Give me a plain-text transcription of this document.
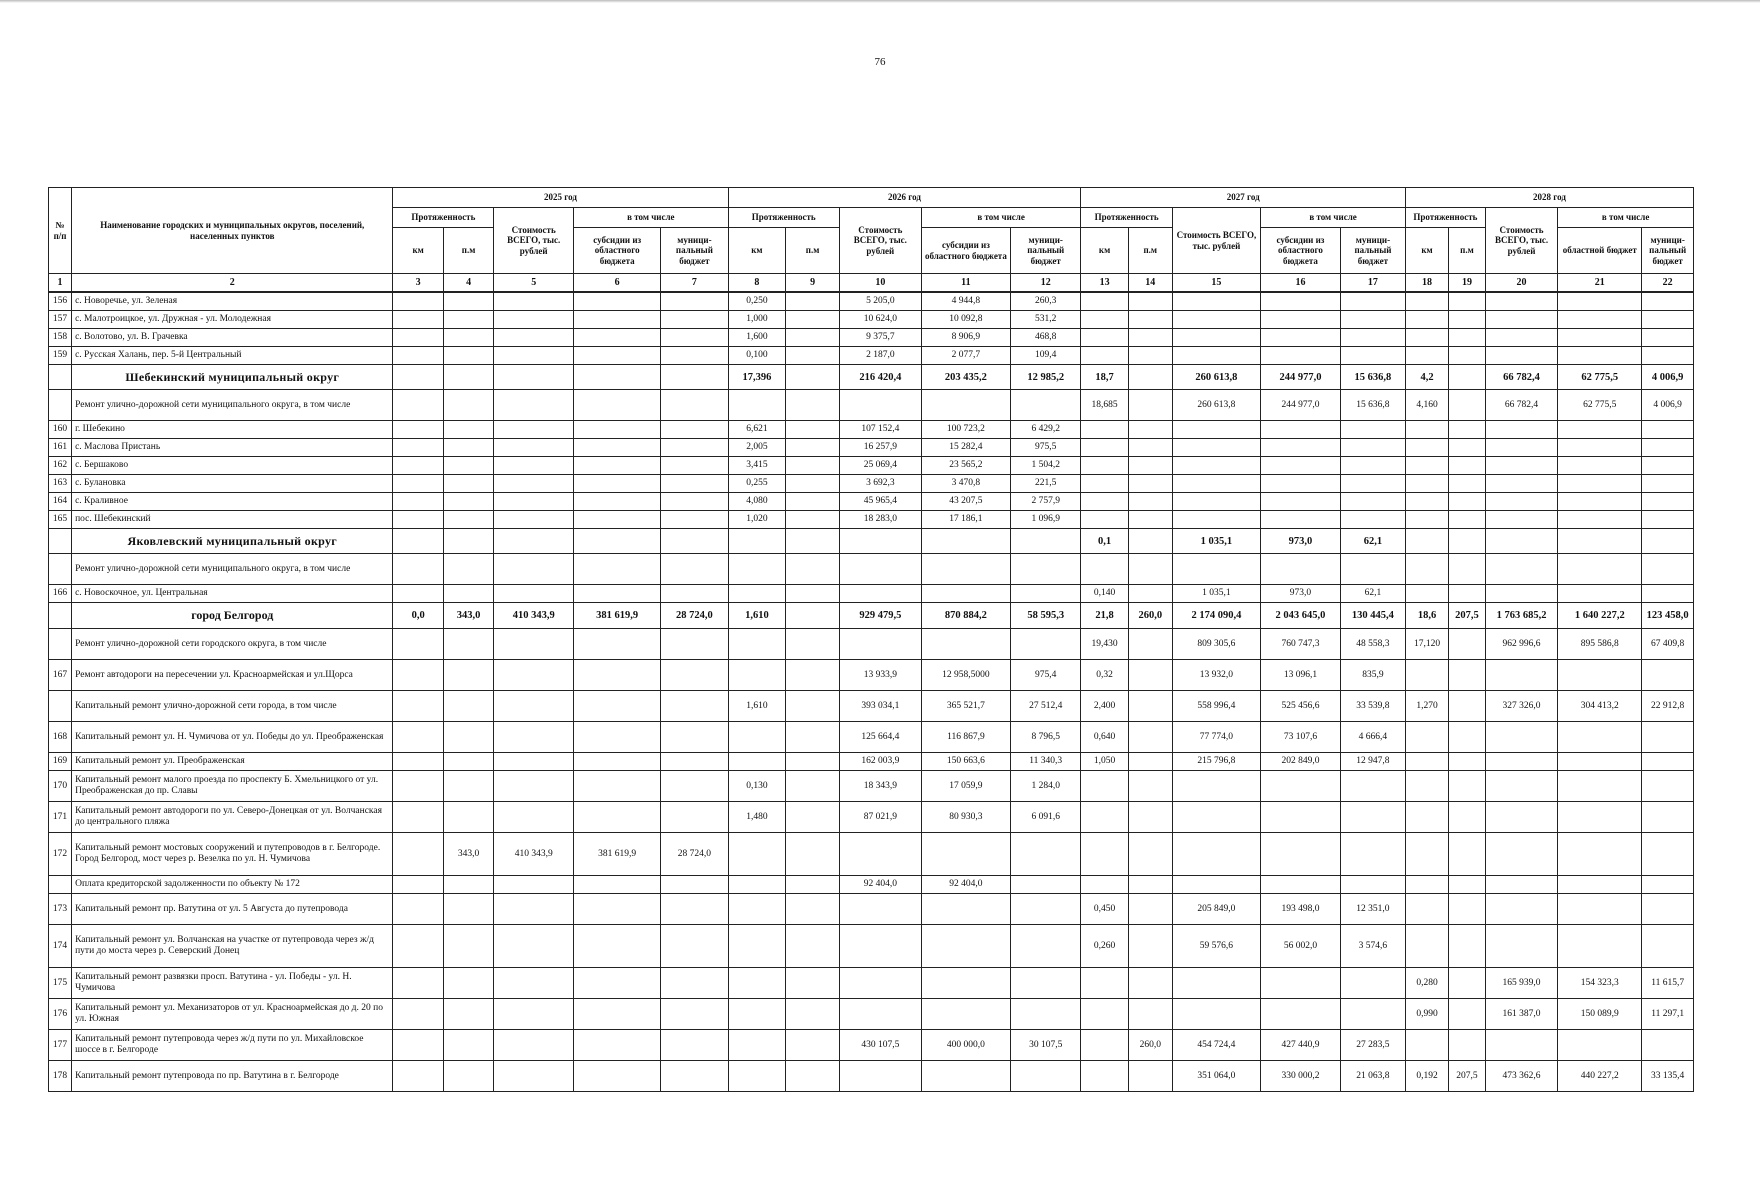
76
№ п/п	Наименование городских и муниципальных округов, поселений, населенных пунктов	2025 год					2026 год					2027 год					2028 год				
		Протяженность		Стоимость ВСЕГО, тыс. рублей	в том числе		Протяженность		Стоимость ВСЕГО, тыс. рублей	в том числе		Протяженность		Стоимость ВСЕГО, тыс. рублей	в том числе		Протяженность		Стоимость ВСЕГО, тыс. рублей	в том числе	
		км	п.м		субсидии из областного бюджета	муници-пальный бюджет	км	п.м		субсидии из областного бюджета	муници-пальный бюджет	км	п.м		субсидии из областного бюджета	муници-пальный бюджет	км	п.м		областной бюджет	муници-пальный бюджет
1	2	3	4	5	6	7	8	9	10	11	12	13	14	15	16	17	18	19	20	21	22
156	с. Новоречье, ул. Зеленая						0,250		5 205,0	4 944,8	260,3										
157	с. Малотроицкое, ул. Дружная - ул. Молодежная						1,000		10 624,0	10 092,8	531,2										
158	с. Волотово, ул. В. Грачевка						1,600		9 375,7	8 906,9	468,8										
159	с. Русская Халань, пер. 5-й Центральный						0,100		2 187,0	2 077,7	109,4										
	Шебекинский муниципальный округ						17,396		216 420,4	203 435,2	12 985,2	18,7		260 613,8	244 977,0	15 636,8	4,2		66 782,4	62 775,5	4 006,9
	Ремонт улично-дорожной сети муниципального округа, в том числе											18,685		260 613,8	244 977,0	15 636,8	4,160		66 782,4	62 775,5	4 006,9
160	г. Шебекино						6,621		107 152,4	100 723,2	6 429,2										
161	с. Маслова Пристань						2,005		16 257,9	15 282,4	975,5										
162	с. Бершаково						3,415		25 069,4	23 565,2	1 504,2										
163	с. Булановка						0,255		3 692,3	3 470,8	221,5										
164	с. Краливное						4,080		45 965,4	43 207,5	2 757,9										
165	пос. Шебекинский						1,020		18 283,0	17 186,1	1 096,9										
	Яковлевский муниципальный округ											0,1		1 035,1	973,0	62,1					
	Ремонт улично-дорожной сети муниципального округа, в том числе																				
166	с. Новоскочное, ул. Центральная											0,140		1 035,1	973,0	62,1					
	город Белгород	0,0	343,0	410 343,9	381 619,9	28 724,0	1,610		929 479,5	870 884,2	58 595,3	21,8	260,0	2 174 090,4	2 043 645,0	130 445,4	18,6	207,5	1 763 685,2	1 640 227,2	123 458,0
	Ремонт улично-дорожной сети городского округа, в том числе											19,430		809 305,6	760 747,3	48 558,3	17,120		962 996,6	895 586,8	67 409,8
167	Ремонт автодороги на пересечении ул. Красноармейская и ул.Щорса								13 933,9	12 958,5000	975,4	0,32		13 932,0	13 096,1	835,9					
	Капитальный ремонт улично-дорожной сети города, в том числе						1,610		393 034,1	365 521,7	27 512,4	2,400		558 996,4	525 456,6	33 539,8	1,270		327 326,0	304 413,2	22 912,8
168	Капитальный ремонт ул. Н. Чумичова от ул. Победы до ул. Преображенская								125 664,4	116 867,9	8 796,5	0,640		77 774,0	73 107,6	4 666,4					
169	Капитальный ремонт ул. Преображенская								162 003,9	150 663,6	11 340,3	1,050		215 796,8	202 849,0	12 947,8					
170	Капитальный ремонт малого проезда по проспекту Б. Хмельницкого от ул. Преображенская до пр. Славы						0,130		18 343,9	17 059,9	1 284,0										
171	Капитальный ремонт автодороги по ул. Северо-Донецкая от ул. Волчанская до центрального пляжа						1,480		87 021,9	80 930,3	6 091,6										
172	Капитальный ремонт мостовых сооружений и путепроводов в г. Белгороде. Город Белгород, мост через р. Везелка по ул. Н. Чумичова		343,0	410 343,9	381 619,9	28 724,0															
	Оплата кредиторской задолженности по объекту № 172								92 404,0	92 404,0											
173	Капитальный ремонт пр. Ватутина от ул. 5 Августа до путепровода											0,450		205 849,0	193 498,0	12 351,0					
174	Капитальный ремонт ул. Волчанская на участке от путепровода через ж/д пути до моста через р. Северский Донец											0,260		59 576,6	56 002,0	3 574,6					
175	Капитальный ремонт развязки просп. Ватутина - ул. Победы - ул. Н. Чумичова																0,280		165 939,0	154 323,3	11 615,7
176	Капитальный ремонт ул. Механизаторов от ул. Красноармейская до д. 20 по ул. Южная																0,990		161 387,0	150 089,9	11 297,1
177	Капитальный ремонт путепровода через ж/д пути по ул. Михайловское шоссе в г. Белгороде								430 107,5	400 000,0	30 107,5		260,0	454 724,4	427 440,9	27 283,5					
178	Капитальный ремонт путепровода по пр. Ватутина в г. Белгороде													351 064,0	330 000,2	21 063,8	0,192	207,5	473 362,6	440 227,2	33 135,4
